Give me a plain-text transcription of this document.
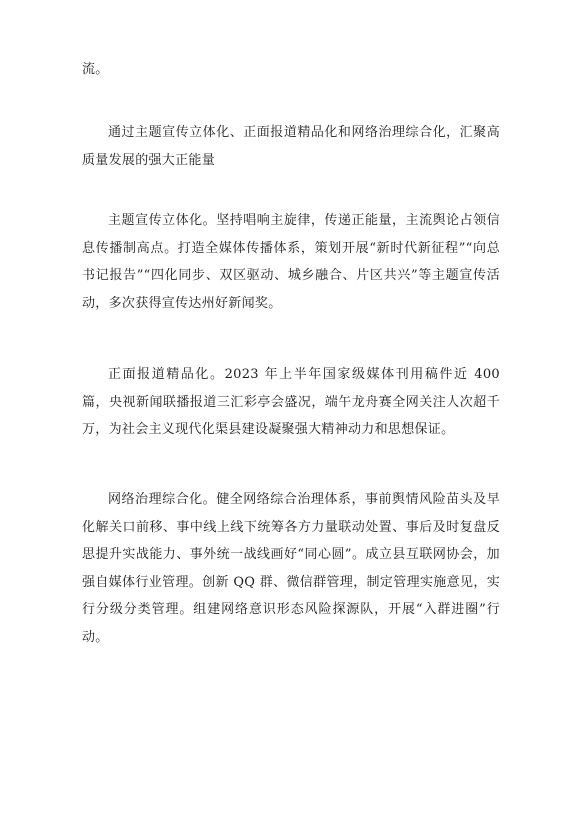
流。

通过主题宣传立体化、正面报道精品化和网络治理综合化，汇聚高质量发展的强大正能量

主题宣传立体化。坚持唱响主旋律，传递正能量，主流舆论占领信息传播制高点。打造全媒体传播体系，策划开展“新时代新征程”“向总书记报告”“四化同步、双区驱动、城乡融合、片区共兴”等主题宣传活动，多次获得宣传达州好新闻奖。

正面报道精品化。2023 年上半年国家级媒体刊用稿件近 400 篇，央视新闻联播报道三汇彩亭会盛况，端午龙舟赛全网关注人次超千万，为社会主义现代化渠县建设凝聚强大精神动力和思想保证。

网络治理综合化。健全网络综合治理体系，事前舆情风险苗头及早化解关口前移、事中线上线下统筹各方力量联动处置、事后及时复盘反思提升实战能力、事外统一战线画好“同心圆”。成立县互联网协会，加强自媒体行业管理。创新 QQ 群、微信群管理，制定管理实施意见，实行分级分类管理。组建网络意识形态风险探源队，开展“入群进圈”行动。
